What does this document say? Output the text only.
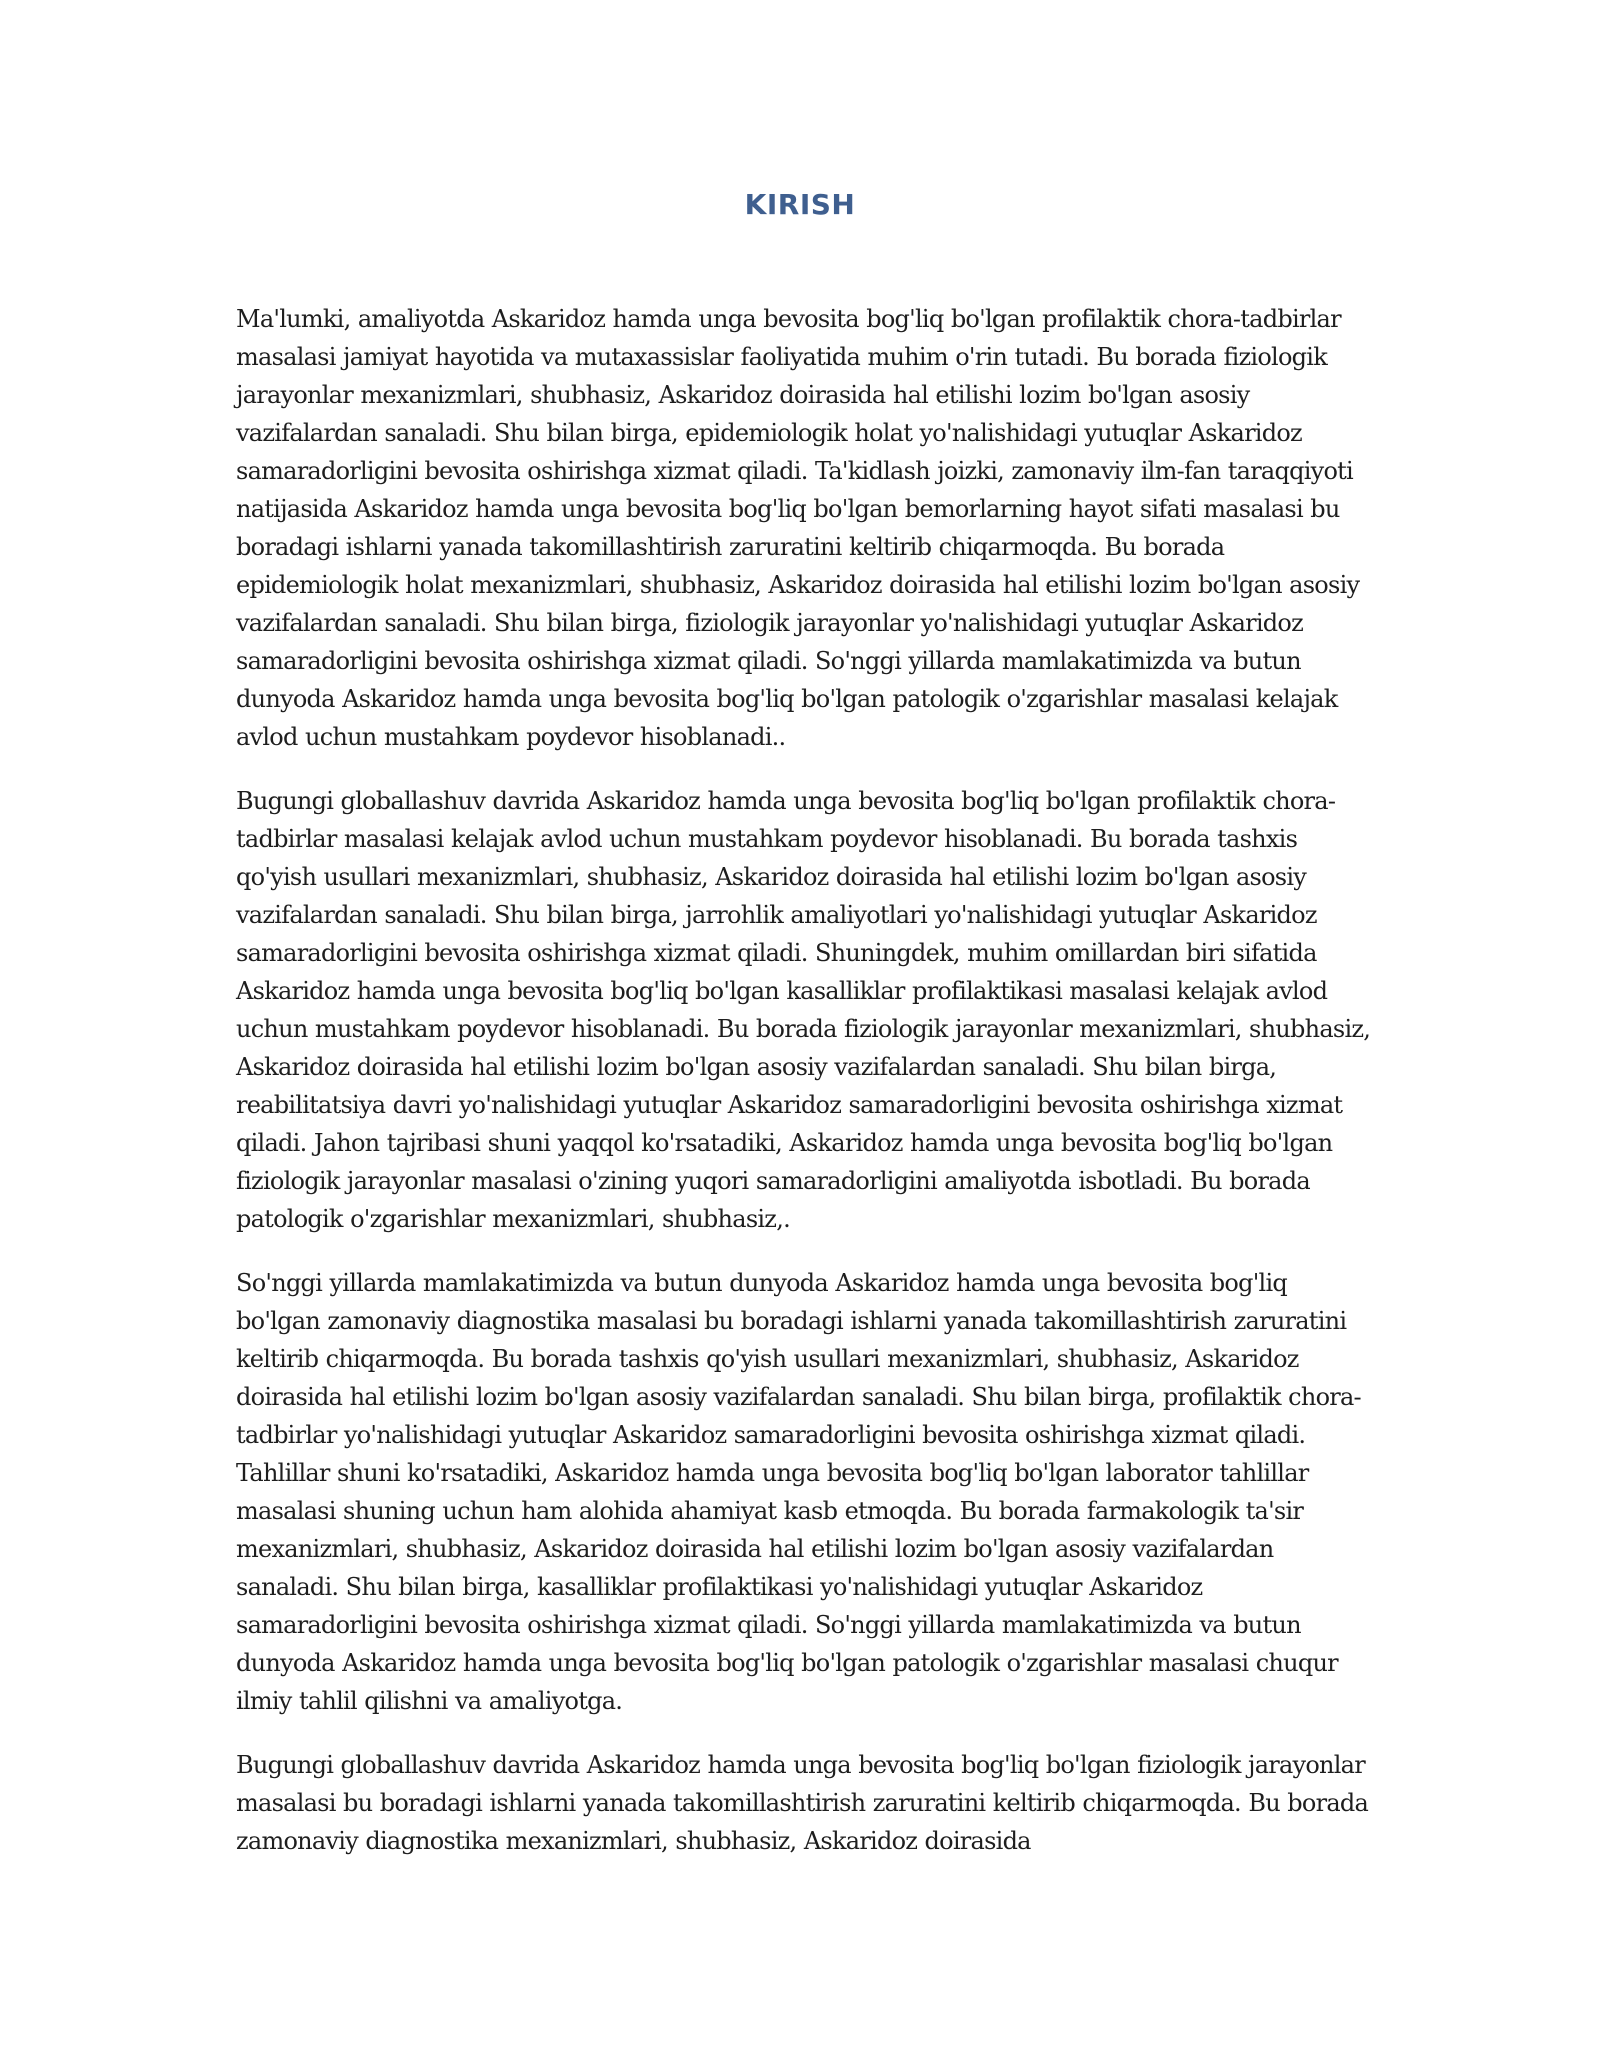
KIRISH

Ma'lumki, amaliyotda Askaridoz hamda unga bevosita bog'liq bo'lgan profilaktik chora-tadbirlar masalasi jamiyat hayotida va mutaxassislar faoliyatida muhim o'rin tutadi. Bu borada fiziologik jarayonlar mexanizmlari, shubhasiz, Askaridoz doirasida hal etilishi lozim bo'lgan asosiy vazifalardan sanaladi. Shu bilan birga, epidemiologik holat yo'nalishidagi yutuqlar Askaridoz samaradorligini bevosita oshirishga xizmat qiladi. Ta'kidlash joizki, zamonaviy ilm-fan taraqqiyoti natijasida Askaridoz hamda unga bevosita bog'liq bo'lgan bemorlarning hayot sifati masalasi bu boradagi ishlarni yanada takomillashtirish zaruratini keltirib chiqarmoqda. Bu borada epidemiologik holat mexanizmlari, shubhasiz, Askaridoz doirasida hal etilishi lozim bo'lgan asosiy vazifalardan sanaladi. Shu bilan birga, fiziologik jarayonlar yo'nalishidagi yutuqlar Askaridoz samaradorligini bevosita oshirishga xizmat qiladi. So'nggi yillarda mamlakatimizda va butun dunyoda Askaridoz hamda unga bevosita bog'liq bo'lgan patologik o'zgarishlar masalasi kelajak avlod uchun mustahkam poydevor hisoblanadi..

Bugungi globallashuv davrida Askaridoz hamda unga bevosita bog'liq bo'lgan profilaktik chora-tadbirlar masalasi kelajak avlod uchun mustahkam poydevor hisoblanadi. Bu borada tashxis qo'yish usullari mexanizmlari, shubhasiz, Askaridoz doirasida hal etilishi lozim bo'lgan asosiy vazifalardan sanaladi. Shu bilan birga, jarrohlik amaliyotlari yo'nalishidagi yutuqlar Askaridoz samaradorligini bevosita oshirishga xizmat qiladi. Shuningdek, muhim omillardan biri sifatida Askaridoz hamda unga bevosita bog'liq bo'lgan kasalliklar profilaktikasi masalasi kelajak avlod uchun mustahkam poydevor hisoblanadi. Bu borada fiziologik jarayonlar mexanizmlari, shubhasiz, Askaridoz doirasida hal etilishi lozim bo'lgan asosiy vazifalardan sanaladi. Shu bilan birga, reabilitatsiya davri yo'nalishidagi yutuqlar Askaridoz samaradorligini bevosita oshirishga xizmat qiladi. Jahon tajribasi shuni yaqqol ko'rsatadiki, Askaridoz hamda unga bevosita bog'liq bo'lgan fiziologik jarayonlar masalasi o'zining yuqori samaradorligini amaliyotda isbotladi. Bu borada patologik o'zgarishlar mexanizmlari, shubhasiz,.

So'nggi yillarda mamlakatimizda va butun dunyoda Askaridoz hamda unga bevosita bog'liq bo'lgan zamonaviy diagnostika masalasi bu boradagi ishlarni yanada takomillashtirish zaruratini keltirib chiqarmoqda. Bu borada tashxis qo'yish usullari mexanizmlari, shubhasiz, Askaridoz doirasida hal etilishi lozim bo'lgan asosiy vazifalardan sanaladi. Shu bilan birga, profilaktik chora-tadbirlar yo'nalishidagi yutuqlar Askaridoz samaradorligini bevosita oshirishga xizmat qiladi. Tahlillar shuni ko'rsatadiki, Askaridoz hamda unga bevosita bog'liq bo'lgan laborator tahlillar masalasi shuning uchun ham alohida ahamiyat kasb etmoqda. Bu borada farmakologik ta'sir mexanizmlari, shubhasiz, Askaridoz doirasida hal etilishi lozim bo'lgan asosiy vazifalardan sanaladi. Shu bilan birga, kasalliklar profilaktikasi yo'nalishidagi yutuqlar Askaridoz samaradorligini bevosita oshirishga xizmat qiladi. So'nggi yillarda mamlakatimizda va butun dunyoda Askaridoz hamda unga bevosita bog'liq bo'lgan patologik o'zgarishlar masalasi chuqur ilmiy tahlil qilishni va amaliyotga.

Bugungi globallashuv davrida Askaridoz hamda unga bevosita bog'liq bo'lgan fiziologik jarayonlar masalasi bu boradagi ishlarni yanada takomillashtirish zaruratini keltirib chiqarmoqda. Bu borada zamonaviy diagnostika mexanizmlari, shubhasiz, Askaridoz doirasida
